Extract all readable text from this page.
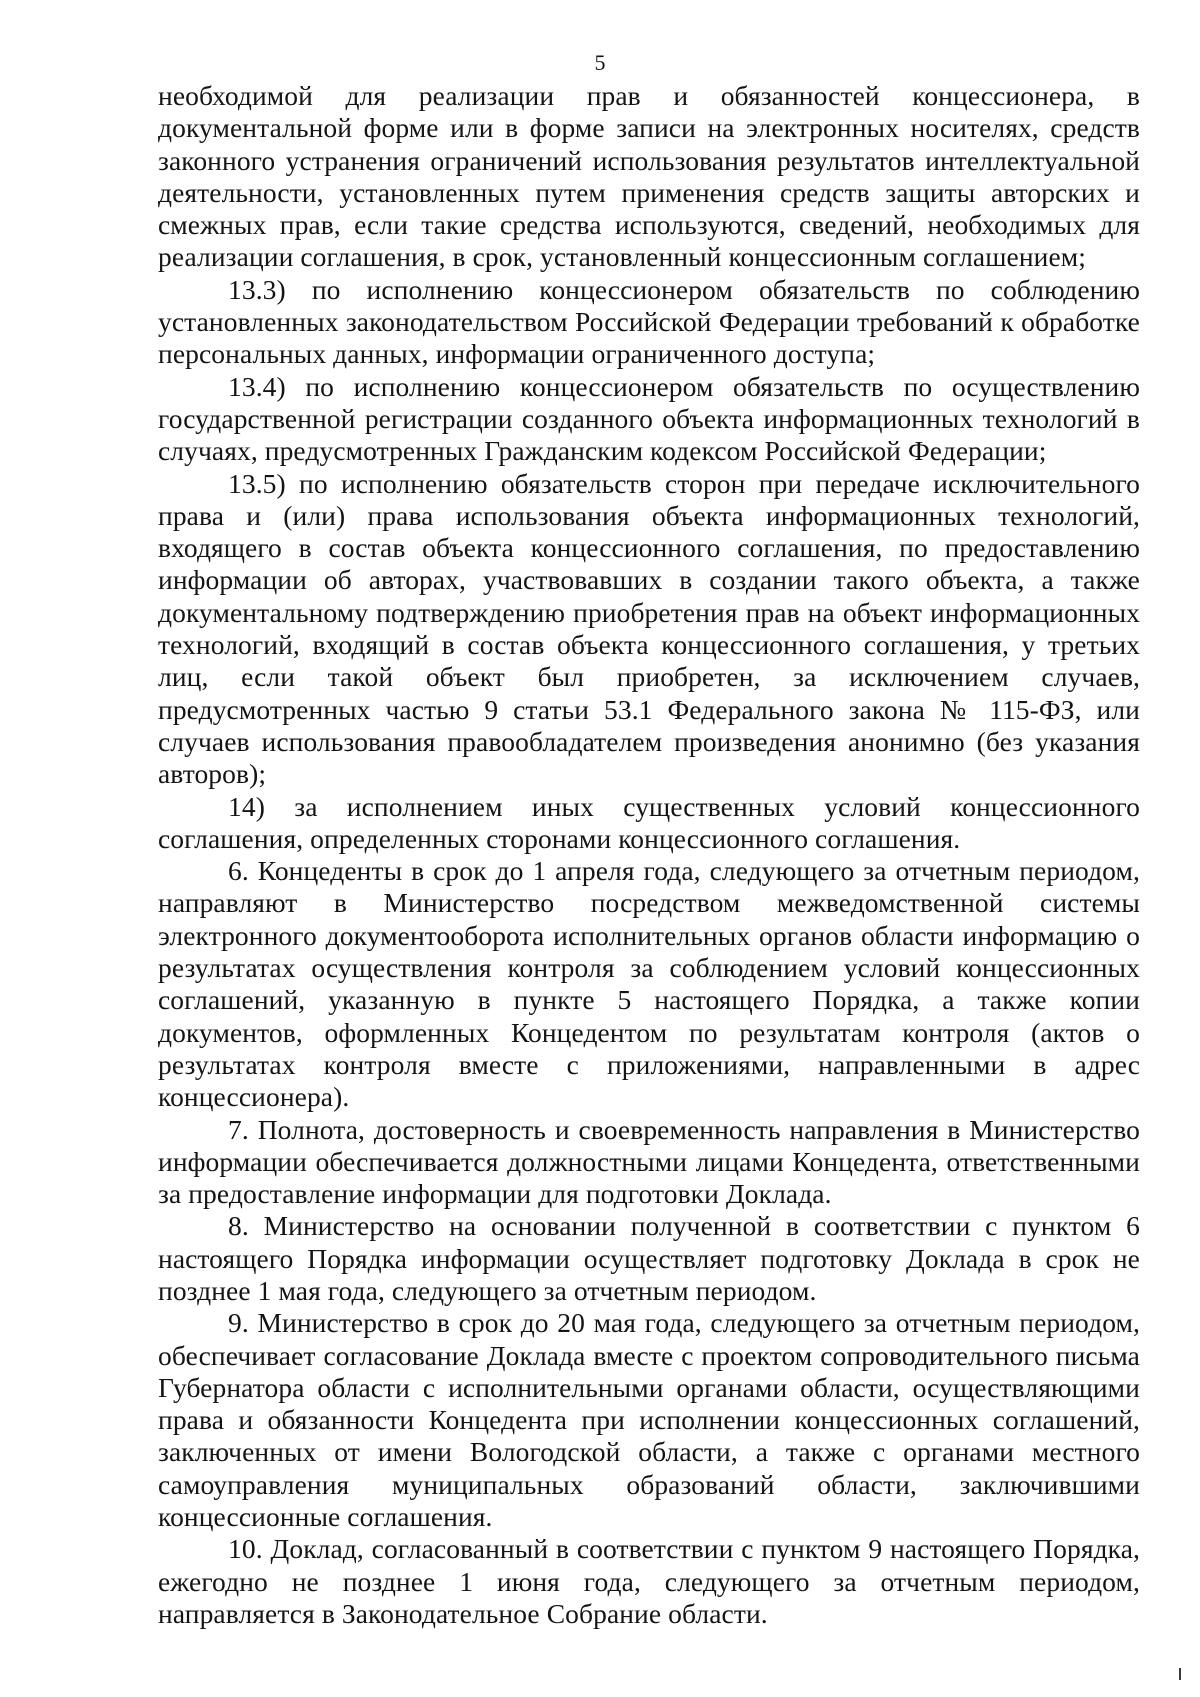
5

необходимой для реализации прав и обязанностей концессионера, в документальной форме или в форме записи на электронных носителях, средств законного устранения ограничений использования результатов интеллектуальной деятельности, установленных путем применения средств защиты авторских и смежных прав, если такие средства используются, сведений, необходимых для реализации соглашения, в срок, установленный концессионным соглашением;

13.3) по исполнению концессионером обязательств по соблюдению установленных законодательством Российской Федерации требований к обработке персональных данных, информации ограниченного доступа;

13.4) по исполнению концессионером обязательств по осуществлению государственной регистрации созданного объекта информационных технологий в случаях, предусмотренных Гражданским кодексом Российской Федерации;

13.5) по исполнению обязательств сторон при передаче исключительного права и (или) права использования объекта информационных технологий, входящего в состав объекта концессионного соглашения, по предоставлению информации об авторах, участвовавших в создании такого объекта, а также документальному подтверждению приобретения прав на объект информационных технологий, входящий в состав объекта концессионного соглашения, у третьих лиц, если такой объект был приобретен, за исключением случаев, предусмотренных частью 9 статьи 53.1 Федерального закона № 115-ФЗ, или случаев использования правообладателем произведения анонимно (без указания авторов);

14) за исполнением иных существенных условий концессионного соглашения, определенных сторонами концессионного соглашения.

6. Концеденты в срок до 1 апреля года, следующего за отчетным периодом, направляют в Министерство посредством межведомственной системы электронного документооборота исполнительных органов области информацию о результатах осуществления контроля за соблюдением условий концессионных соглашений, указанную в пункте 5 настоящего Порядка, а также копии документов, оформленных Концедентом по результатам контроля (актов о результатах контроля вместе с приложениями, направленными в адрес концессионера).

7. Полнота, достоверность и своевременность направления в Министерство информации обеспечивается должностными лицами Концедента, ответственными за предоставление информации для подготовки Доклада.

8. Министерство на основании полученной в соответствии с пунктом 6 настоящего Порядка информации осуществляет подготовку Доклада в срок не позднее 1 мая года, следующего за отчетным периодом.

9. Министерство в срок до 20 мая года, следующего за отчетным периодом, обеспечивает согласование Доклада вместе с проектом сопроводительного письма Губернатора области с исполнительными органами области, осуществляющими права и обязанности Концедента при исполнении концессионных соглашений, заключенных от имени Вологодской области, а также с органами местного самоуправления муниципальных образований области, заключившими концессионные соглашения.

10. Доклад, согласованный в соответствии с пунктом 9 настоящего Порядка, ежегодно не позднее 1 июня года, следующего за отчетным периодом, направляется в Законодательное Собрание области.
